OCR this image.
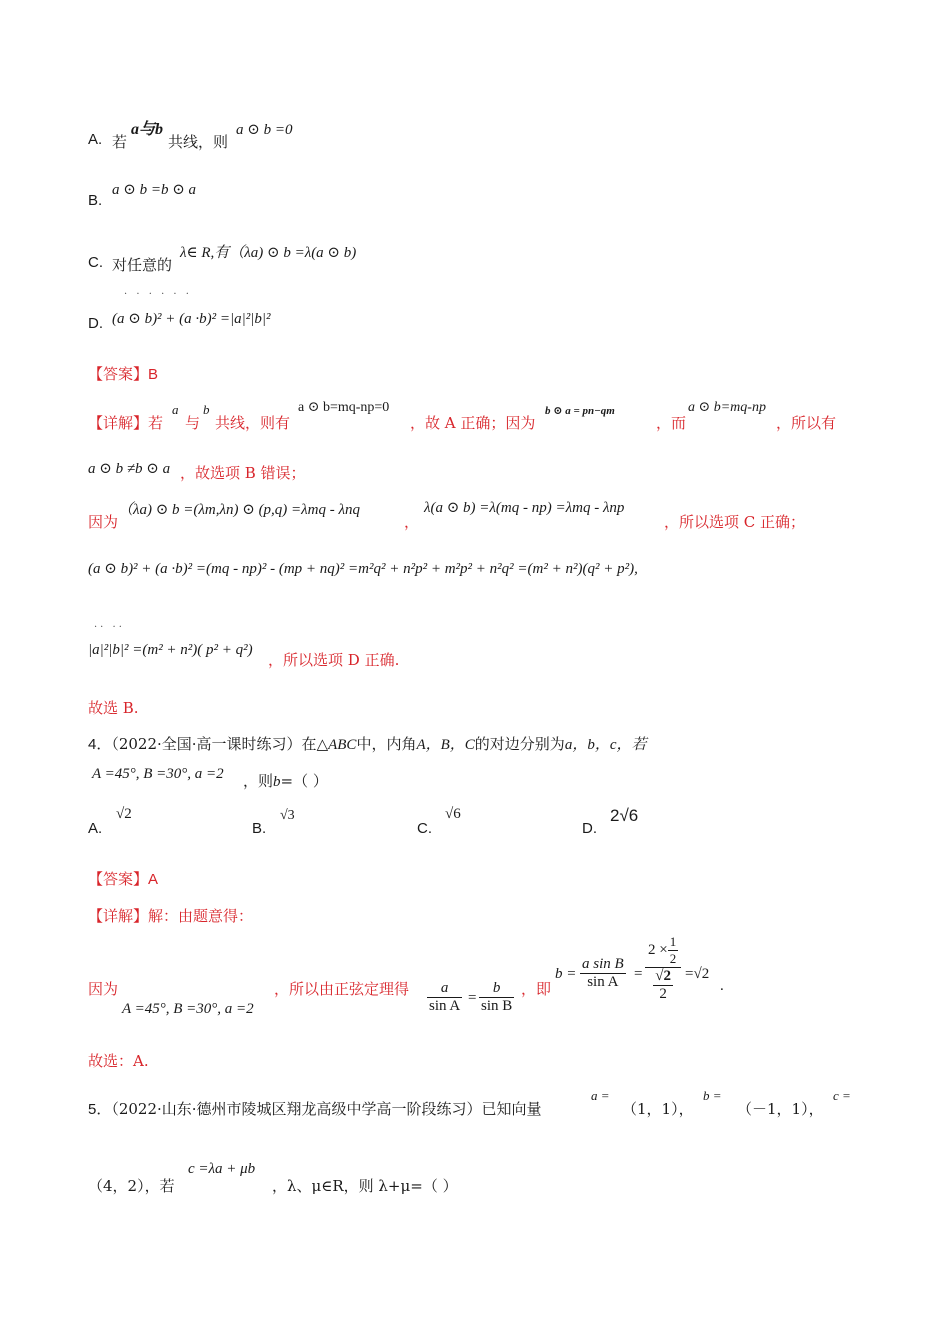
A. 若
a与b
共线，则
a ⊙ b =0
B.
a ⊙ b =b ⊙ a
C. 对任意的
λ∈ R,有（λa) ⊙ b =λ(a ⊙ b)
D.
· · · · · ·
(a ⊙ b)² + (a ·b)² =|a|²|b|²
【答案】B
【详解】若
a
与
b
共线，则有
a ⊙ b=mq-np=0
，故 A 正确；因为
b ⊙ a = pn−qm
，而
a ⊙ b=mq-np
，所以有
a ⊙ b ≠b ⊙ a ，故选项 B 错误；
因为
（λa) ⊙ b =(λm,λn) ⊙ (p,q) =λmq - λnq
，
λ(a ⊙ b) =λ(mq - np) =λmq - λnp
，所以选项 C 正确；
(a ⊙ b)² + (a ·b)² =(mq - np)² - (mp + nq)² =m²q² + n²p² + m²p² + n²q² =(m² + n²)(q² + p²),
·· ··
|a|²|b|² =(m² + n²)( p² + q²)
，所以选项 D 正确.
故选 B.
4．（2022·全国·高一课时练习）在△ABC中，内角A，B，C的对边分别为a，b，c，若
A =45°, B =30°, a =2 ，则b=（ ）
A.
√2
B.
√3
C.
√6
D.
2√6
【答案】A
【详解】解：由题意得：
因为
A =45°, B =30°, a =2
，所以由正弦定理得 $\frac{a}{\text{sin A}} = \frac{b}{\text{sin B}}$ ，即
$b = \frac{\text{a sin B}}{\text{sin A}} = \frac{2 \times \frac{1}{2}}{\frac{√2}{2}} =√2$
.
故选：A.
5．（2022·山东·德州市陵城区翔龙高级中学高一阶段练习）已知向量
a =
（1，1），
b =
（－1，1），
c =
（4，2），若
c =λa + μb
，λ、μ∈R，则 λ+μ=（ ）
